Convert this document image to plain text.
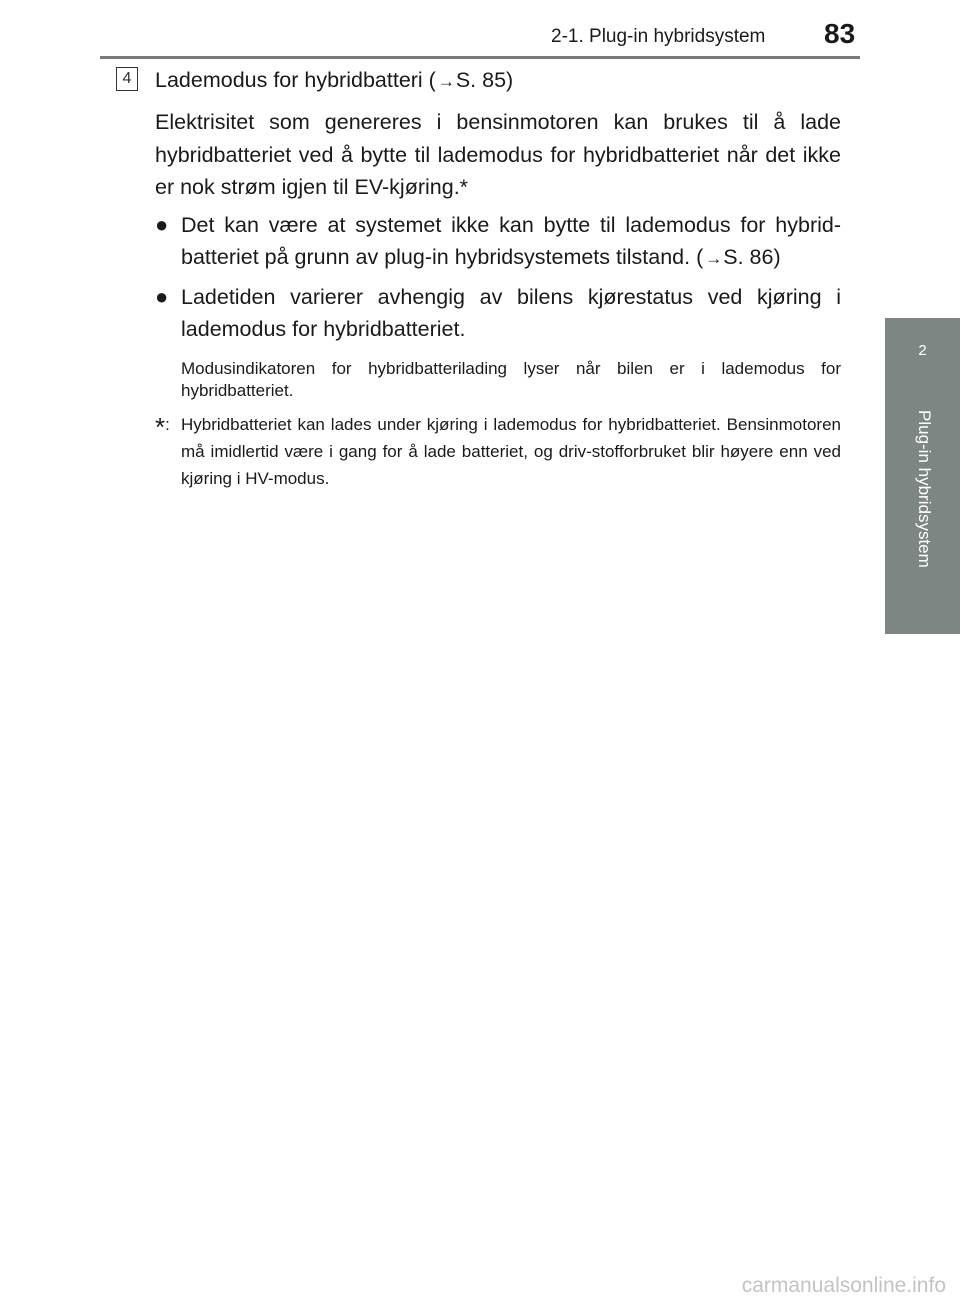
2-1. Plug-in hybridsystem 83
2
Plug-in hybridsystem
4	Lademodus for hybridbatteri ( →S. 85)

Elektrisitet som genereres i bensinmotoren kan brukes til å lade hybridbatteriet ved å bytte til lademodus for hybridbatteriet når det ikke er nok strøm igjen til EV-kjøring.*

● Det kan være at systemet ikke kan bytte til lademodus for hybrid-batteriet på grunn av plug-in hybridsystemets tilstand. ( →S. 86)
● Ladetiden varierer avhengig av bilens kjørestatus ved kjøring i lademodus for hybridbatteriet.

Modusindikatoren for hybridbatterilading lyser når bilen er i lademodus for hybridbatteriet.

*: Hybridbatteriet kan lades under kjøring i lademodus for hybridbatteriet. Bensinmotoren må imidlertid være i gang for å lade batteriet, og driv-stofforbruket blir høyere enn ved kjøring i HV-modus.
carmanualsonline.info
